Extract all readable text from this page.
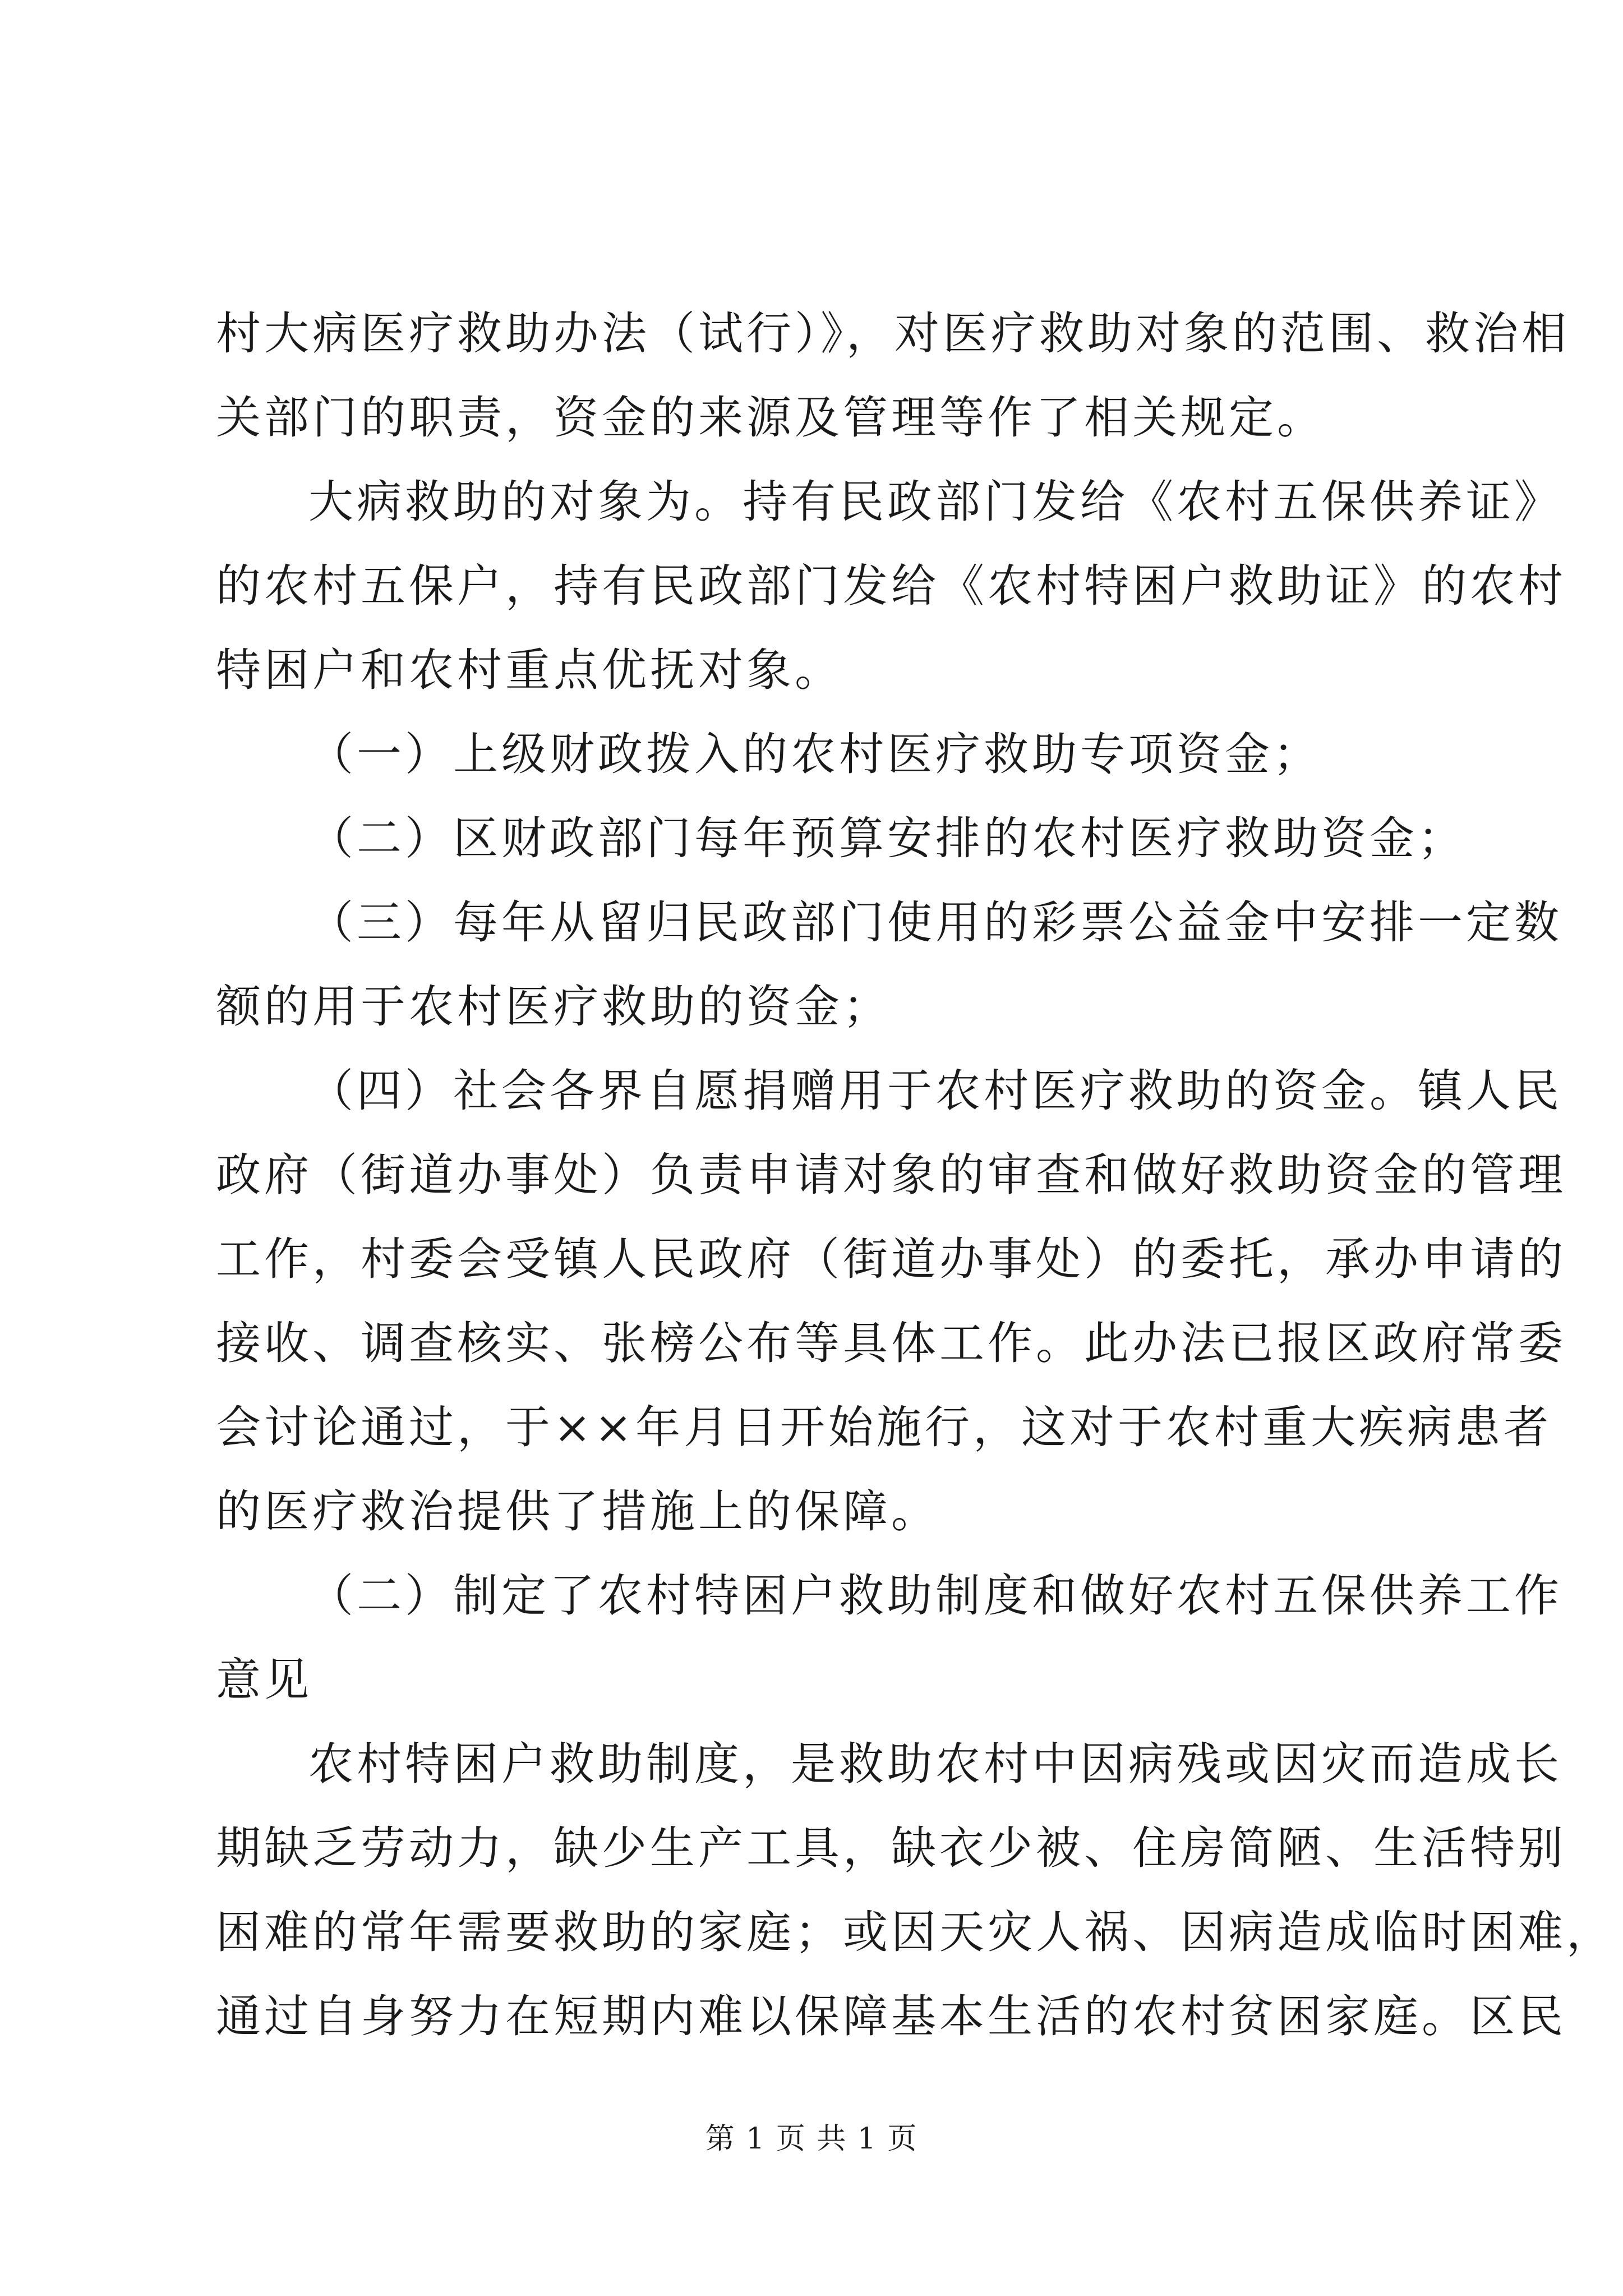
村大病医疗救助办法（试行）》，对医疗救助对象的范围、救治相
关部门的职责，资金的来源及管理等作了相关规定。
大病救助的对象为。持有民政部门发给《农村五保供养证》
的农村五保户，持有民政部门发给《农村特困户救助证》的农村
特困户和农村重点优抚对象。
（一）上级财政拨入的农村医疗救助专项资金；
（二）区财政部门每年预算安排的农村医疗救助资金；
（三）每年从留归民政部门使用的彩票公益金中安排一定数
额的用于农村医疗救助的资金；
（四）社会各界自愿捐赠用于农村医疗救助的资金。镇人民
政府（街道办事处）负责申请对象的审查和做好救助资金的管理
工作，村委会受镇人民政府（街道办事处）的委托，承办申请的
接收、调查核实、张榜公布等具体工作。此办法已报区政府常委
会讨论通过，于××年月日开始施行，这对于农村重大疾病患者
的医疗救治提供了措施上的保障。
（二）制定了农村特困户救助制度和做好农村五保供养工作
意见
农村特困户救助制度，是救助农村中因病残或因灾而造成长
期缺乏劳动力，缺少生产工具，缺衣少被、住房简陋、生活特别
困难的常年需要救助的家庭；或因天灾人祸、因病造成临时困难，
通过自身努力在短期内难以保障基本生活的农村贫困家庭。区民
第 1 页 共 1 页
